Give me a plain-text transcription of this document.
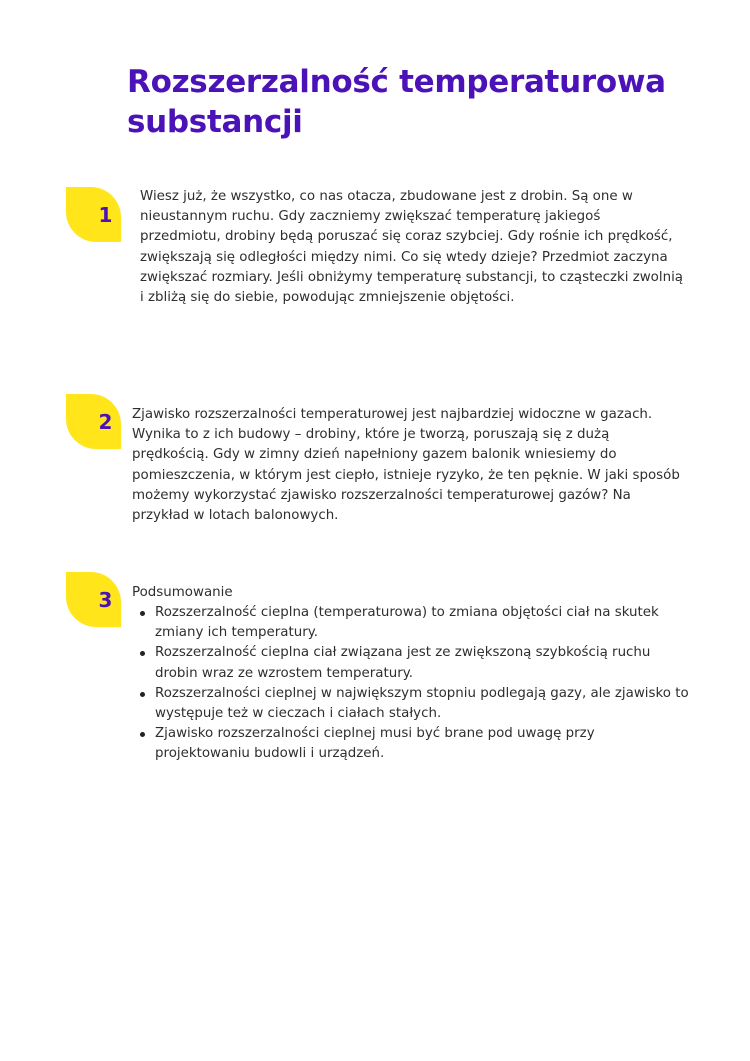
Rozszerzalność temperaturowa substancji
1

Wiesz już, że wszystko, co nas otacza, zbudowane jest z drobin. Są one w nieustannym ruchu. Gdy zaczniemy zwiększać temperaturę jakiegoś przedmiotu, drobiny będą poruszać się coraz szybciej. Gdy rośnie ich prędkość, zwiększają się odległości między nimi. Co się wtedy dzieje? Przedmiot zaczyna zwiększać rozmiary. Jeśli obniżymy temperaturę substancji, to cząsteczki zwolnią i zbliżą się do siebie, powodując zmniejszenie objętości.

2	Zjawisko rozszerzalności temperaturowej jest najbardziej widoczne w gazach. Wynika to z ich budowy – drobiny, które je tworzą, poruszają się z dużą prędkością. Gdy w zimny dzień napełniony gazem balonik wniesiemy do pomieszczenia, w którym jest ciepło, istnieje ryzyko, że ten pęknie. W jaki sposób możemy wykorzystać zjawisko rozszerzalności temperaturowej gazów? Na przykład w lotach balonowych.

3	Podsumowanie

Rozszerzalność cieplna (temperaturowa) to zmiana objętości ciał na skutek zmiany ich temperatury.
Rozszerzalność cieplna ciał związana jest ze zwiększoną szybkością ruchu drobin wraz ze wzrostem temperatury.
Rozszerzalności cieplnej w największym stopniu podlegają gazy, ale zjawisko to występuje też w cieczach i ciałach stałych.
Zjawisko rozszerzalności cieplnej musi być brane pod uwagę przy projektowaniu budowli i urządzeń.
